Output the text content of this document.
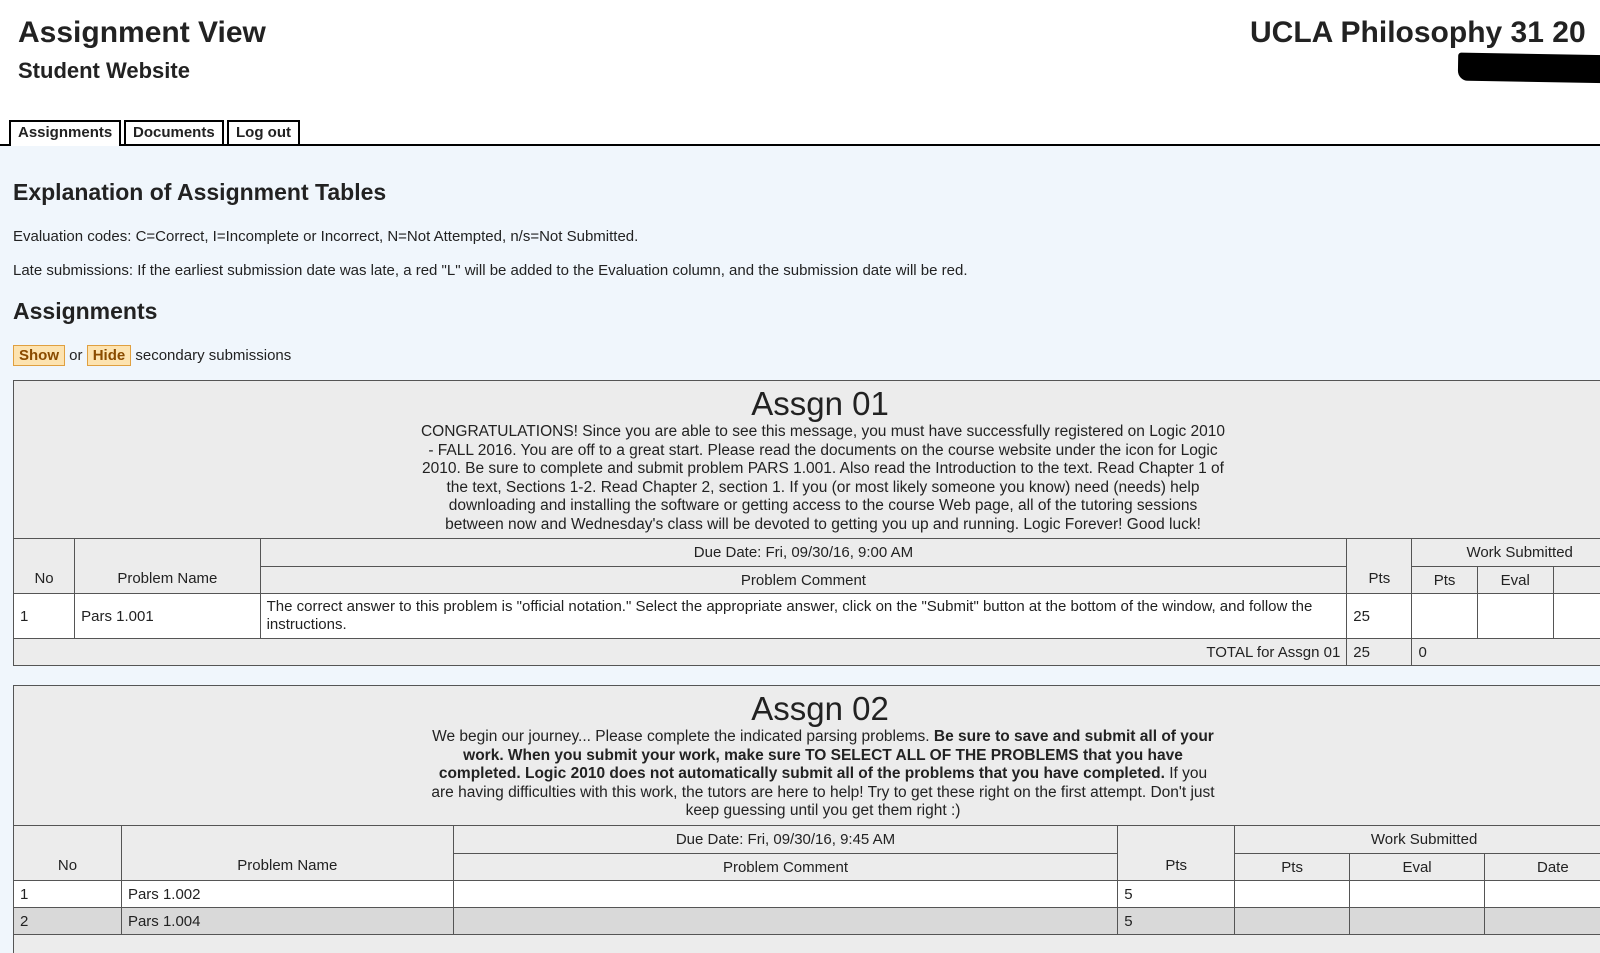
Assignment View
Student Website
UCLA Philosophy 31 20
Assignments	Documents	Log out
Explanation of Assignment Tables

Evaluation codes: C=Correct, I=Incomplete or Incorrect, N=Not Attempted, n/s=Not Submitted.

Late submissions: If the earliest submission date was late, a red "L" will be added to the Evaluation column, and the submission date will be red.

Assignments
Show or Hide secondary submissions
Assgn 01
CONGRATULATIONS! Since you are able to see this message, you must have successfully registered on Logic 2010 - FALL 2016. You are off to a great start. Please read the documents on the course website under the icon for Logic 2010. Be sure to complete and submit problem PARS 1.001. Also read the Introduction to the text. Read Chapter 1 of the text, Sections 1-2. Read Chapter 2, section 1. If you (or most likely someone you know) need (needs) help downloading and installing the software or getting access to the course Web page, all of the tutoring sessions between now and Wednesday's class will be devoted to getting you up and running. Logic Forever! Good luck!
No	Problem Name	Due Date: Fri, 09/30/16, 9:00 AM	Pts	Work Submitted		
		Problem Comment		Pts	Eval	
1	Pars 1.001	The correct answer to this problem is "official notation." Select the appropriate answer, click on the "Submit" button at the bottom of the window, and follow the instructions.	25			
TOTAL for Assgn 01			25	0		
Assgn 02
We begin our journey... Please complete the indicated parsing problems. Be sure to save and submit all of your work. When you submit your work, make sure TO SELECT ALL OF THE PROBLEMS that you have completed. Logic 2010 does not automatically submit all of the problems that you have completed. If you are having difficulties with this work, the tutors are here to help! Try to get these right on the first attempt. Don't just keep guessing until you get them right :)
No	Problem Name	Due Date: Fri, 09/30/16, 9:45 AM	Pts	Work Submitted		
		Problem Comment		Pts	Eval	Date
1	Pars 1.002		5			
2	Pars 1.004		5			
